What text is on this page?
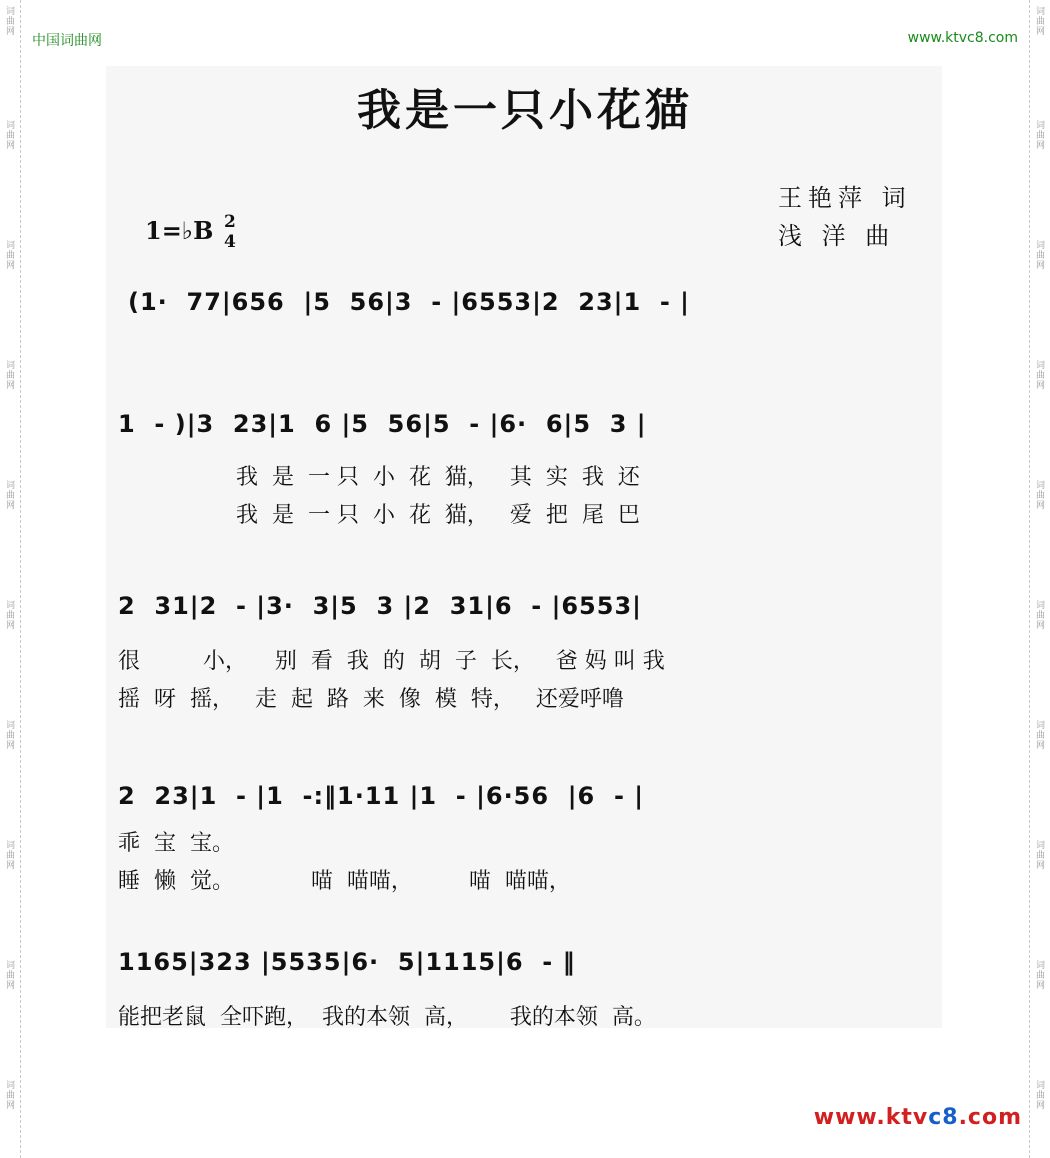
词曲网
词曲网
词曲网
词曲网
词曲网
词曲网
词曲网
词曲网
词曲网
词曲网
词曲网
词曲网
词曲网
词曲网
词曲网
词曲网
词曲网
词曲网
词曲网
词曲网
中国词曲网	www.ktvc8.com
我是一只小花猫
王艳萍 词
浅 洋 曲
1=♭B 2
4
(1·  77|656  |5  56|3  - |6553|2  23|1  - |
1  - )|3  23|1  6 |5  56|5  - |6·  6|5  3 |
我  是  一 只  小  花  猫，   其  实  我  还
我  是  一 只  小  花  猫，   爱  把  尾  巴
2  31|2  - |3·  3|5  3 |2  31|6  - |6553|
很         小，    别  看  我  的  胡  子  长，   爸 妈 叫 我
摇  呀  摇，   走  起  路  来  像  模  特，   还爱呼噜
2  23|1  - |1  -:‖1·11 |1  - |6·56  |6  - |
乖  宝  宝。
睡  懒  觉。           喵  喵喵，        喵  喵喵，
1165|323 |5535|6·  5|1115|6  - ‖
能把老鼠  全吓跑，  我的本领  高，      我的本领  高。
www.ktvc8.com
